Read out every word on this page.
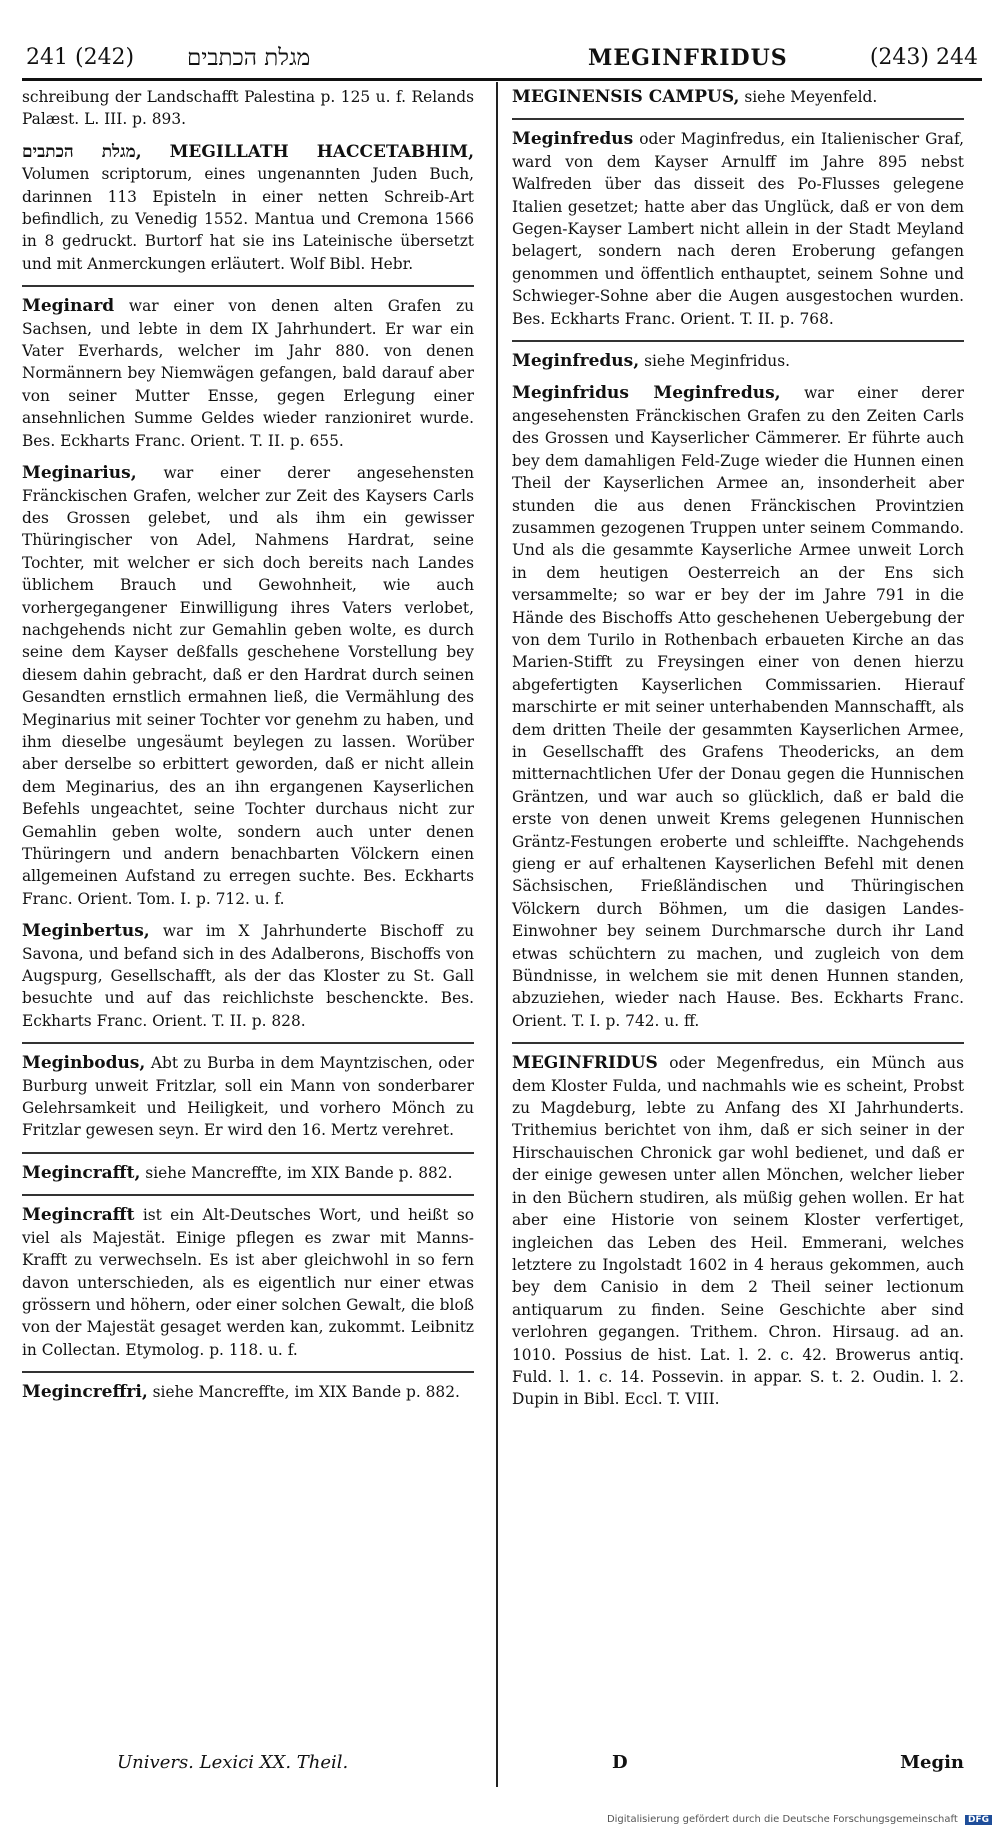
241 (242) מגלת הכתבים	MEGINFRIDUS	(243) 244
schreibung der Landschafft Palestina p. 125 u. f. Relands Palæst. L. III. p. 893.
מגלת הכתבים, MEGILLATH HACCETABHIM, Volumen scriptorum, eines ungenannten Juden Buch, darinnen 113 Episteln in einer netten Schreib-Art befindlich, zu Venedig 1552. Mantua und Cremona 1566 in 8 gedruckt. Burtorf hat sie ins Lateinische übersetzt und mit Anmerckungen erläutert. Wolf Bibl. Hebr.
Meginard war einer von denen alten Grafen zu Sachsen, und lebte in dem IX Jahrhundert. Er war ein Vater Everhards, welcher im Jahr 880. von denen Normännern bey Niemwägen gefangen, bald darauf aber von seiner Mutter Ensse, gegen Erlegung einer ansehnlichen Summe Geldes wieder ranzioniret wurde. Bes. Eckharts Franc. Orient. T. II. p. 655.
Meginarius, war einer derer angesehensten Fränckischen Grafen, welcher zur Zeit des Kaysers Carls des Grossen gelebet, und als ihm ein gewisser Thüringischer von Adel, Nahmens Hardrat, seine Tochter, mit welcher er sich doch bereits nach Landes üblichem Brauch und Gewohnheit, wie auch vorhergegangener Einwilligung ihres Vaters verlobet, nachgehends nicht zur Gemahlin geben wolte, es durch seine dem Kayser deßfalls geschehene Vorstellung bey diesem dahin gebracht, daß er den Hardrat durch seinen Gesandten ernstlich ermahnen ließ, die Vermählung des Meginarius mit seiner Tochter vor genehm zu haben, und ihm dieselbe ungesäumt beylegen zu lassen. Worüber aber derselbe so erbittert geworden, daß er nicht allein dem Meginarius, des an ihn ergangenen Kayserlichen Befehls ungeachtet, seine Tochter durchaus nicht zur Gemahlin geben wolte, sondern auch unter denen Thüringern und andern benachbarten Völckern einen allgemeinen Aufstand zu erregen suchte. Bes. Eckharts Franc. Orient. Tom. I. p. 712. u. f.
Meginbertus, war im X Jahrhunderte Bischoff zu Savona, und befand sich in des Adalberons, Bischoffs von Augspurg, Gesellschafft, als der das Kloster zu St. Gall besuchte und auf das reichlichste beschenckte. Bes. Eckharts Franc. Orient. T. II. p. 828.
Meginbodus, Abt zu Burba in dem Mayntzischen, oder Burburg unweit Fritzlar, soll ein Mann von sonderbarer Gelehrsamkeit und Heiligkeit, und vorhero Mönch zu Fritzlar gewesen seyn. Er wird den 16. Mertz verehret.
Megincrafft, siehe Mancreffte, im XIX Bande p. 882.
Megincrafft ist ein Alt-Deutsches Wort, und heißt so viel als Majestät. Einige pflegen es zwar mit Manns-Krafft zu verwechseln. Es ist aber gleichwohl in so fern davon unterschieden, als es eigentlich nur einer etwas grössern und höhern, oder einer solchen Gewalt, die bloß von der Majestät gesaget werden kan, zukommt. Leibnitz in Collectan. Etymolog. p. 118. u. f.
Megincreffri, siehe Mancreffte, im XIX Bande p. 882.
MEGINENSIS CAMPUS, siehe Meyenfeld.
Meginfredus oder Maginfredus, ein Italienischer Graf, ward von dem Kayser Arnulff im Jahre 895 nebst Walfreden über das disseit des Po-Flusses gelegene Italien gesetzet; hatte aber das Unglück, daß er von dem Gegen-Kayser Lambert nicht allein in der Stadt Meyland belagert, sondern nach deren Eroberung gefangen genommen und öffentlich enthauptet, seinem Sohne und Schwieger-Sohne aber die Augen ausgestochen wurden. Bes. Eckharts Franc. Orient. T. II. p. 768.
Meginfredus, siehe Meginfridus.
Meginfridus Meginfredus, war einer derer angesehensten Fränckischen Grafen zu den Zeiten Carls des Grossen und Kayserlicher Cämmerer. Er führte auch bey dem damahligen Feld-Zuge wieder die Hunnen einen Theil der Kayserlichen Armee an, insonderheit aber stunden die aus denen Fränckischen Provintzien zusammen gezogenen Truppen unter seinem Commando. Und als die gesammte Kayserliche Armee unweit Lorch in dem heutigen Oesterreich an der Ens sich versammelte; so war er bey der im Jahre 791 in die Hände des Bischoffs Atto geschehenen Uebergebung der von dem Turilo in Rothenbach erbaueten Kirche an das Marien-Stifft zu Freysingen einer von denen hierzu abgefertigten Kayserlichen Commissarien. Hierauf marschirte er mit seiner unterhabenden Mannschafft, als dem dritten Theile der gesammten Kayserlichen Armee, in Gesellschafft des Grafens Theodericks, an dem mitternachtlichen Ufer der Donau gegen die Hunnischen Gräntzen, und war auch so glücklich, daß er bald die erste von denen unweit Krems gelegenen Hunnischen Gräntz-Festungen eroberte und schleiffte. Nachgehends gieng er auf erhaltenen Kayserlichen Befehl mit denen Sächsischen, Frießländischen und Thüringischen Völckern durch Böhmen, um die dasigen Landes-Einwohner bey seinem Durchmarsche durch ihr Land etwas schüchtern zu machen, und zugleich von dem Bündnisse, in welchem sie mit denen Hunnen standen, abzuziehen, wieder nach Hause. Bes. Eckharts Franc. Orient. T. I. p. 742. u. ff.
MEGINFRIDUS oder Megenfredus, ein Münch aus dem Kloster Fulda, und nachmahls wie es scheint, Probst zu Magdeburg, lebte zu Anfang des XI Jahrhunderts. Trithemius berichtet von ihm, daß er sich seiner in der Hirschauischen Chronick gar wohl bedienet, und daß er der einige gewesen unter allen Mönchen, welcher lieber in den Büchern studiren, als müßig gehen wollen. Er hat aber eine Historie von seinem Kloster verfertiget, ingleichen das Leben des Heil. Emmerani, welches letztere zu Ingolstadt 1602 in 4 heraus gekommen, auch bey dem Canisio in dem 2 Theil seiner lectionum antiquarum zu finden. Seine Geschichte aber sind verlohren gegangen. Trithem. Chron. Hirsaug. ad an. 1010. Possius de hist. Lat. l. 2. c. 42. Browerus antiq. Fuld. l. 1. c. 14. Possevin. in appar. S. t. 2. Oudin. l. 2. Dupin in Bibl. Eccl. T. VIII.
Univers. Lexici XX. Theil.	D	Megin
Digitalisierung gefördert durch die Deutsche Forschungsgemeinschaft DFG
